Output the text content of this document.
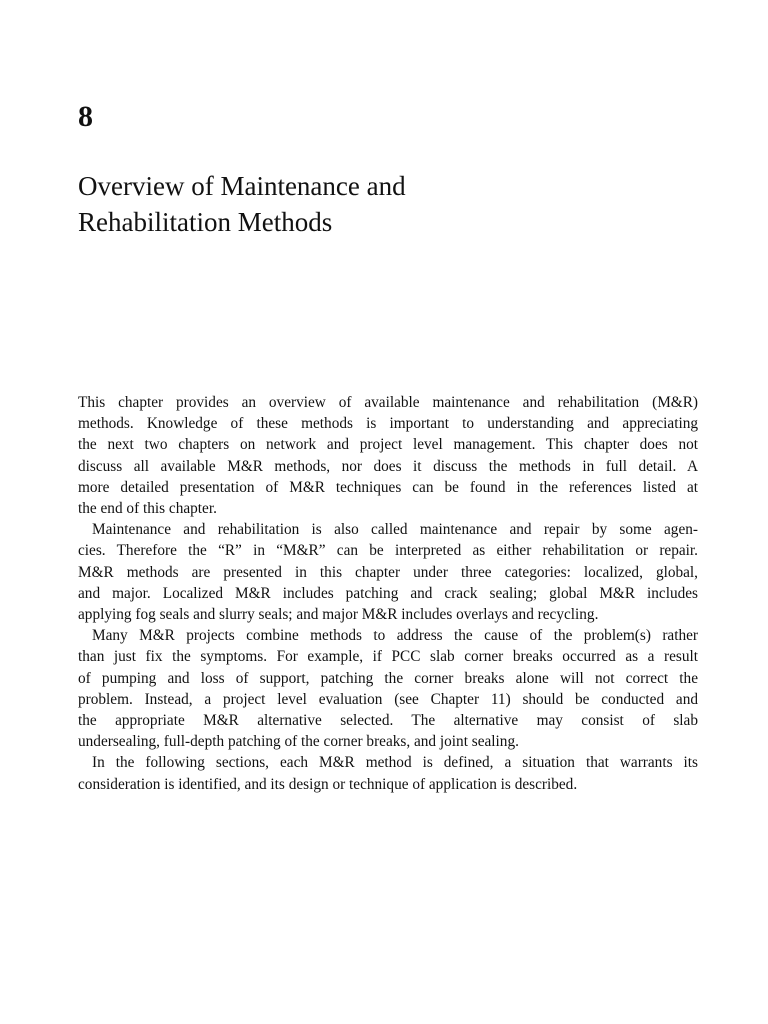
8
Overview of Maintenance and
Rehabilitation Methods

This chapter provides an overview of available maintenance and rehabilitation (M&R)
methods. Knowledge of these methods is important to understanding and appreciating
the next two chapters on network and project level management. This chapter does not
discuss all available M&R methods, nor does it discuss the methods in full detail. A
more detailed presentation of M&R techniques can be found in the references listed at
the end of this chapter.

Maintenance and rehabilitation is also called maintenance and repair by some agen-
cies. Therefore the “R” in “M&R” can be interpreted as either rehabilitation or repair.
M&R methods are presented in this chapter under three categories: localized, global,
and major. Localized M&R includes patching and crack sealing; global M&R includes
applying fog seals and slurry seals; and major M&R includes overlays and recycling.

Many M&R projects combine methods to address the cause of the problem(s) rather
than just fix the symptoms. For example, if PCC slab corner breaks occurred as a result
of pumping and loss of support, patching the corner breaks alone will not correct the
problem. Instead, a project level evaluation (see Chapter 11) should be conducted and
the appropriate M&R alternative selected. The alternative may consist of slab
undersealing, full-depth patching of the corner breaks, and joint sealing.

In the following sections, each M&R method is defined, a situation that warrants its
consideration is identified, and its design or technique of application is described.
